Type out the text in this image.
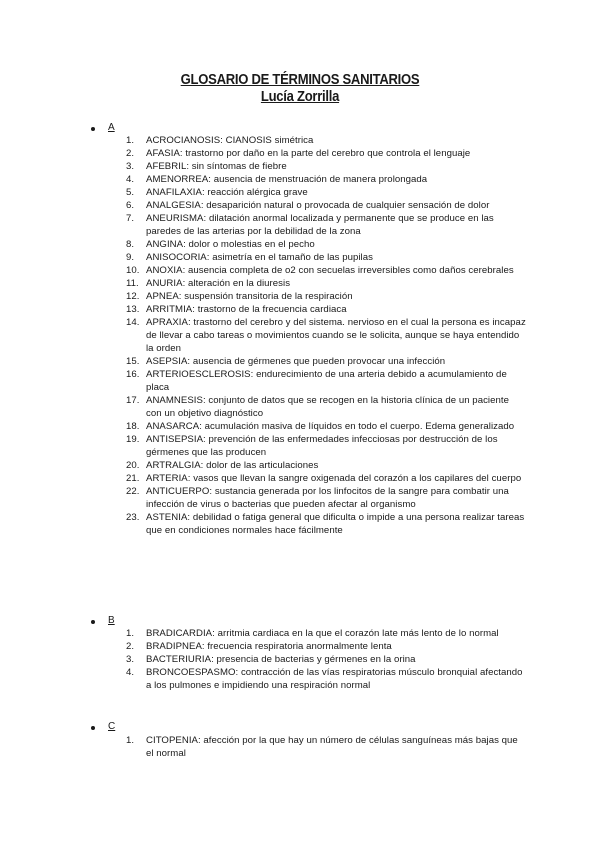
GLOSARIO DE TÉRMINOS SANITARIOS
Lucía Zorrilla
A
1.	ACROCIANOSIS: CIANOSIS simétrica
2.	AFASIA: trastorno por daño en la parte del cerebro que controla el lenguaje
3.	AFEBRIL: sin síntomas de fiebre
4.	AMENORREA: ausencia de menstruación de manera prolongada
5.	ANAFILAXIA: reacción alérgica grave
6.	ANALGESIA: desaparición natural o provocada de cualquier sensación de dolor
7.	ANEURISMA: dilatación anormal localizada y permanente que se produce en las paredes de las arterias por la debilidad de la zona
8.	ANGINA: dolor o molestias en el pecho
9.	ANISOCORIA: asimetría en el tamaño de las pupilas
10. ANOXIA: ausencia completa de o2 con secuelas irreversibles como daños cerebrales
11. ANURIA: alteración en la diuresis
12. APNEA: suspensión transitoria de la respiración
13. ARRITMIA: trastorno de la frecuencia cardiaca
14. APRAXIA: trastorno del cerebro y del sistema. nervioso en el cual la persona es incapaz de llevar a cabo tareas o movimientos cuando se le solicita, aunque se haya entendido la orden
15. ASEPSIA: ausencia de gérmenes que pueden provocar una infección
16. ARTERIOESCLEROSIS: endurecimiento de una arteria debido a acumulamiento de placa
17. ANAMNESIS: conjunto de datos que se recogen en la historia clínica de un paciente con un objetivo diagnóstico
18. ANASARCA: acumulación masiva de líquidos en todo el cuerpo. Edema generalizado
19. ANTISEPSIA: prevención de las enfermedades infecciosas por destrucción de los gérmenes que las producen
20. ARTRALGIA: dolor de las articulaciones
21. ARTERIA: vasos que llevan la sangre oxigenada del corazón a los capilares del cuerpo
22. ANTICUERPO: sustancia generada por los linfocitos de la sangre para combatir una infección de virus o bacterias que pueden afectar al organismo
23. ASTENIA: debilidad o fatiga general que dificulta o impide a una persona realizar tareas que en condiciones normales hace fácilmente
B
1.	BRADICARDIA: arritmia cardiaca en la que el corazón late más lento de lo normal
2.	BRADIPNEA: frecuencia respiratoria anormalmente lenta
3.	BACTERIURIA: presencia de bacterias y gérmenes en la orina
4.	BRONCOESPASMO: contracción de las vías respiratorias músculo bronquial afectando a los pulmones e impidiendo una respiración normal
C
1.	CITOPENIA: afección por la que hay un número de células sanguíneas más bajas que el normal
